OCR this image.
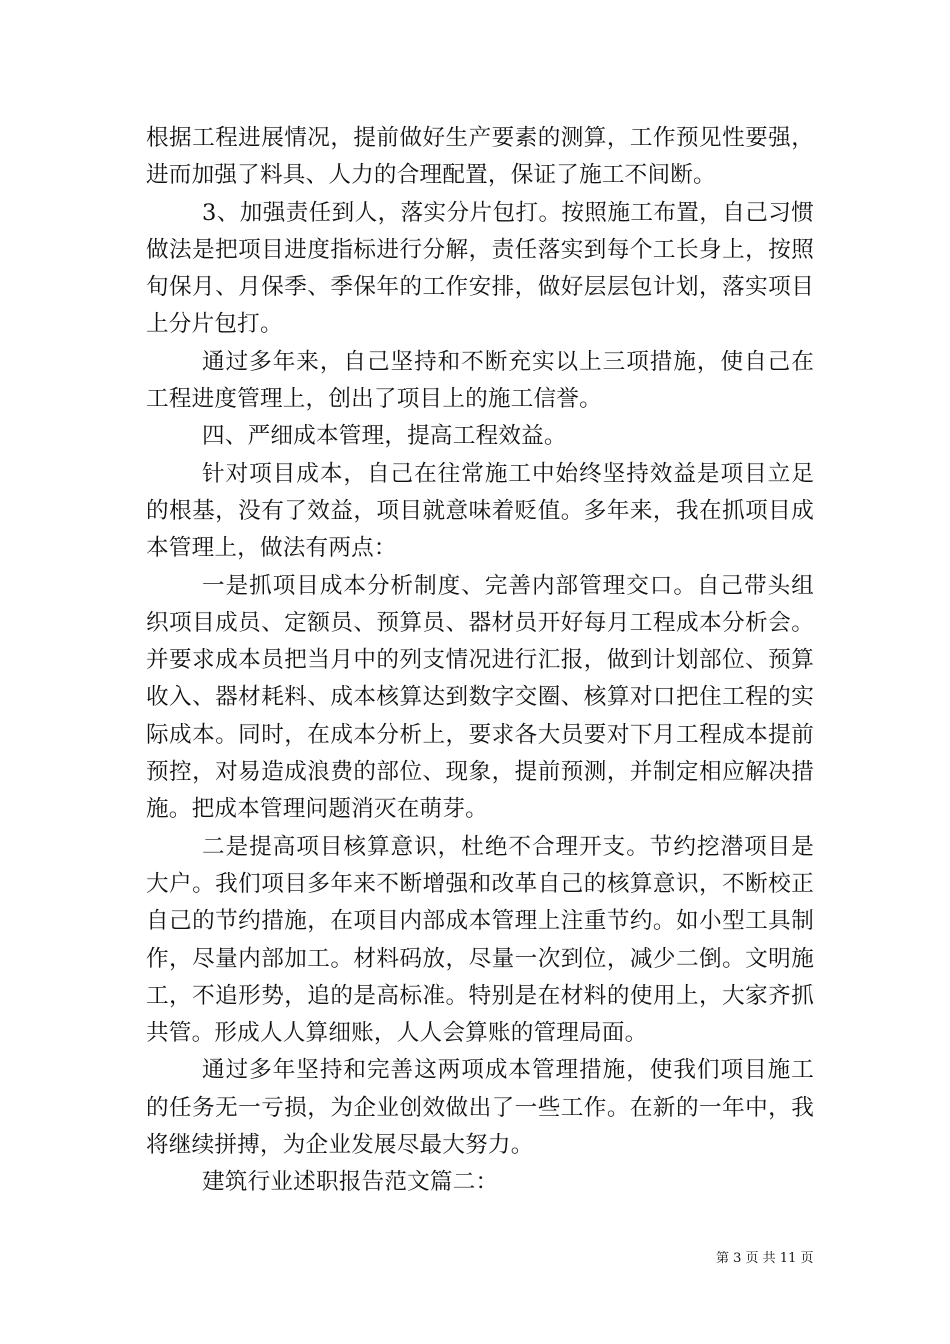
根据工程进展情况，提前做好生产要素的测算，工作预见性要强，进而加强了料具、人力的合理配置，保证了施工不间断。

3、加强责任到人，落实分片包打。按照施工布置，自己习惯做法是把项目进度指标进行分解，责任落实到每个工长身上，按照旬保月、月保季、季保年的工作安排，做好层层包计划，落实项目上分片包打。

通过多年来，自己坚持和不断充实以上三项措施，使自己在工程进度管理上，创出了项目上的施工信誉。

四、严细成本管理，提高工程效益。

针对项目成本，自己在往常施工中始终坚持效益是项目立足的根基，没有了效益，项目就意味着贬值。多年来，我在抓项目成本管理上，做法有两点：

一是抓项目成本分析制度、完善内部管理交口。自己带头组织项目成员、定额员、预算员、器材员开好每月工程成本分析会。并要求成本员把当月中的列支情况进行汇报，做到计划部位、预算收入、器材耗料、成本核算达到数字交圈、核算对口把住工程的实际成本。同时，在成本分析上，要求各大员要对下月工程成本提前预控，对易造成浪费的部位、现象，提前预测，并制定相应解决措施。把成本管理问题消灭在萌芽。

二是提高项目核算意识，杜绝不合理开支。节约挖潜项目是大户。我们项目多年来不断增强和改革自己的核算意识，不断校正自己的节约措施，在项目内部成本管理上注重节约。如小型工具制作，尽量内部加工。材料码放，尽量一次到位，减少二倒。文明施工，不追形势，追的是高标准。特别是在材料的使用上，大家齐抓共管。形成人人算细账，人人会算账的管理局面。

通过多年坚持和完善这两项成本管理措施，使我们项目施工的任务无一亏损，为企业创效做出了一些工作。在新的一年中，我将继续拼搏，为企业发展尽最大努力。

建筑行业述职报告范文篇二：

第 3 页 共 11 页
